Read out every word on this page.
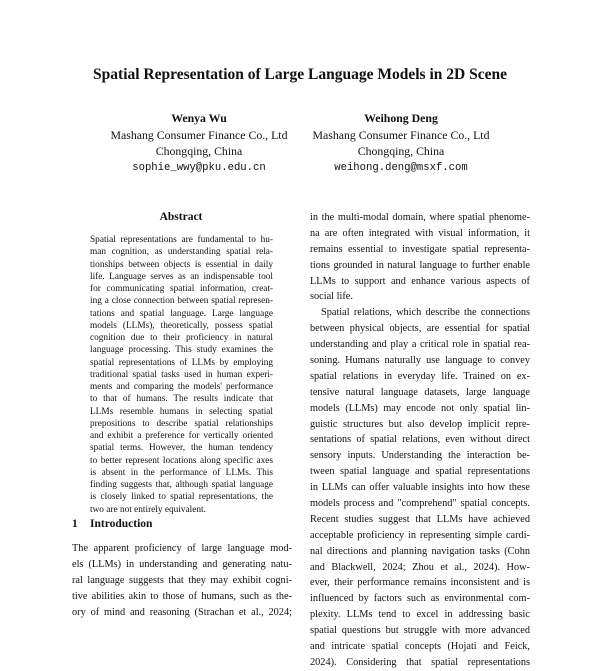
Spatial Representation of Large Language Models in 2D Scene
Wenya Wu
Mashang Consumer Finance Co., Ltd
Chongqing, China
sophie_wwy@pku.edu.cn
Weihong Deng
Mashang Consumer Finance Co., Ltd
Chongqing, China
weihong.deng@msxf.com
Abstract
Spatial representations are fundamental to hu-
man cognition, as understanding spatial rela-
tionships between objects is essential in daily
life. Language serves as an indispensable tool
for communicating spatial information, creat-
ing a close connection between spatial represen-
tations and spatial language. Large language
models (LLMs), theoretically, possess spatial
cognition due to their proficiency in natural
language processing. This study examines the
spatial representations of LLMs by employing
traditional spatial tasks used in human experi-
ments and comparing the models' performance
to that of humans. The results indicate that
LLMs resemble humans in selecting spatial
prepositions to describe spatial relationships
and exhibit a preference for vertically oriented
spatial terms. However, the human tendency
to better represent locations along specific axes
is absent in the performance of LLMs. This
finding suggests that, although spatial language
is closely linked to spatial representations, the
two are not entirely equivalent.
1 Introduction
The apparent proficiency of large language mod-
els (LLMs) in understanding and generating natu-
ral language suggests that they may exhibit cogni-
tive abilities akin to those of humans, such as the-
ory of mind and reasoning (Strachan et al., 2024;
in the multi-modal domain, where spatial phenome-
na are often integrated with visual information, it
remains essential to investigate spatial representa-
tions grounded in natural language to further enable
LLMs to support and enhance various aspects of
social life.
Spatial relations, which describe the connections
between physical objects, are essential for spatial
understanding and play a critical role in spatial rea-
soning. Humans naturally use language to convey
spatial relations in everyday life. Trained on ex-
tensive natural language datasets, large language
models (LLMs) may encode not only spatial lin-
guistic structures but also develop implicit repre-
sentations of spatial relations, even without direct
sensory inputs. Understanding the interaction be-
tween spatial language and spatial representations
in LLMs can offer valuable insights into how these
models process and "comprehend" spatial concepts.
Recent studies suggest that LLMs have achieved
acceptable proficiency in representing simple cardi-
nal directions and planning navigation tasks (Cohn
and Blackwell, 2024; Zhou et al., 2024). How-
ever, their performance remains inconsistent and is
influenced by factors such as environmental com-
plexity. LLMs tend to excel in addressing basic
spatial questions but struggle with more advanced
and intricate spatial concepts (Hojati and Feick,
2024). Considering that spatial representations
